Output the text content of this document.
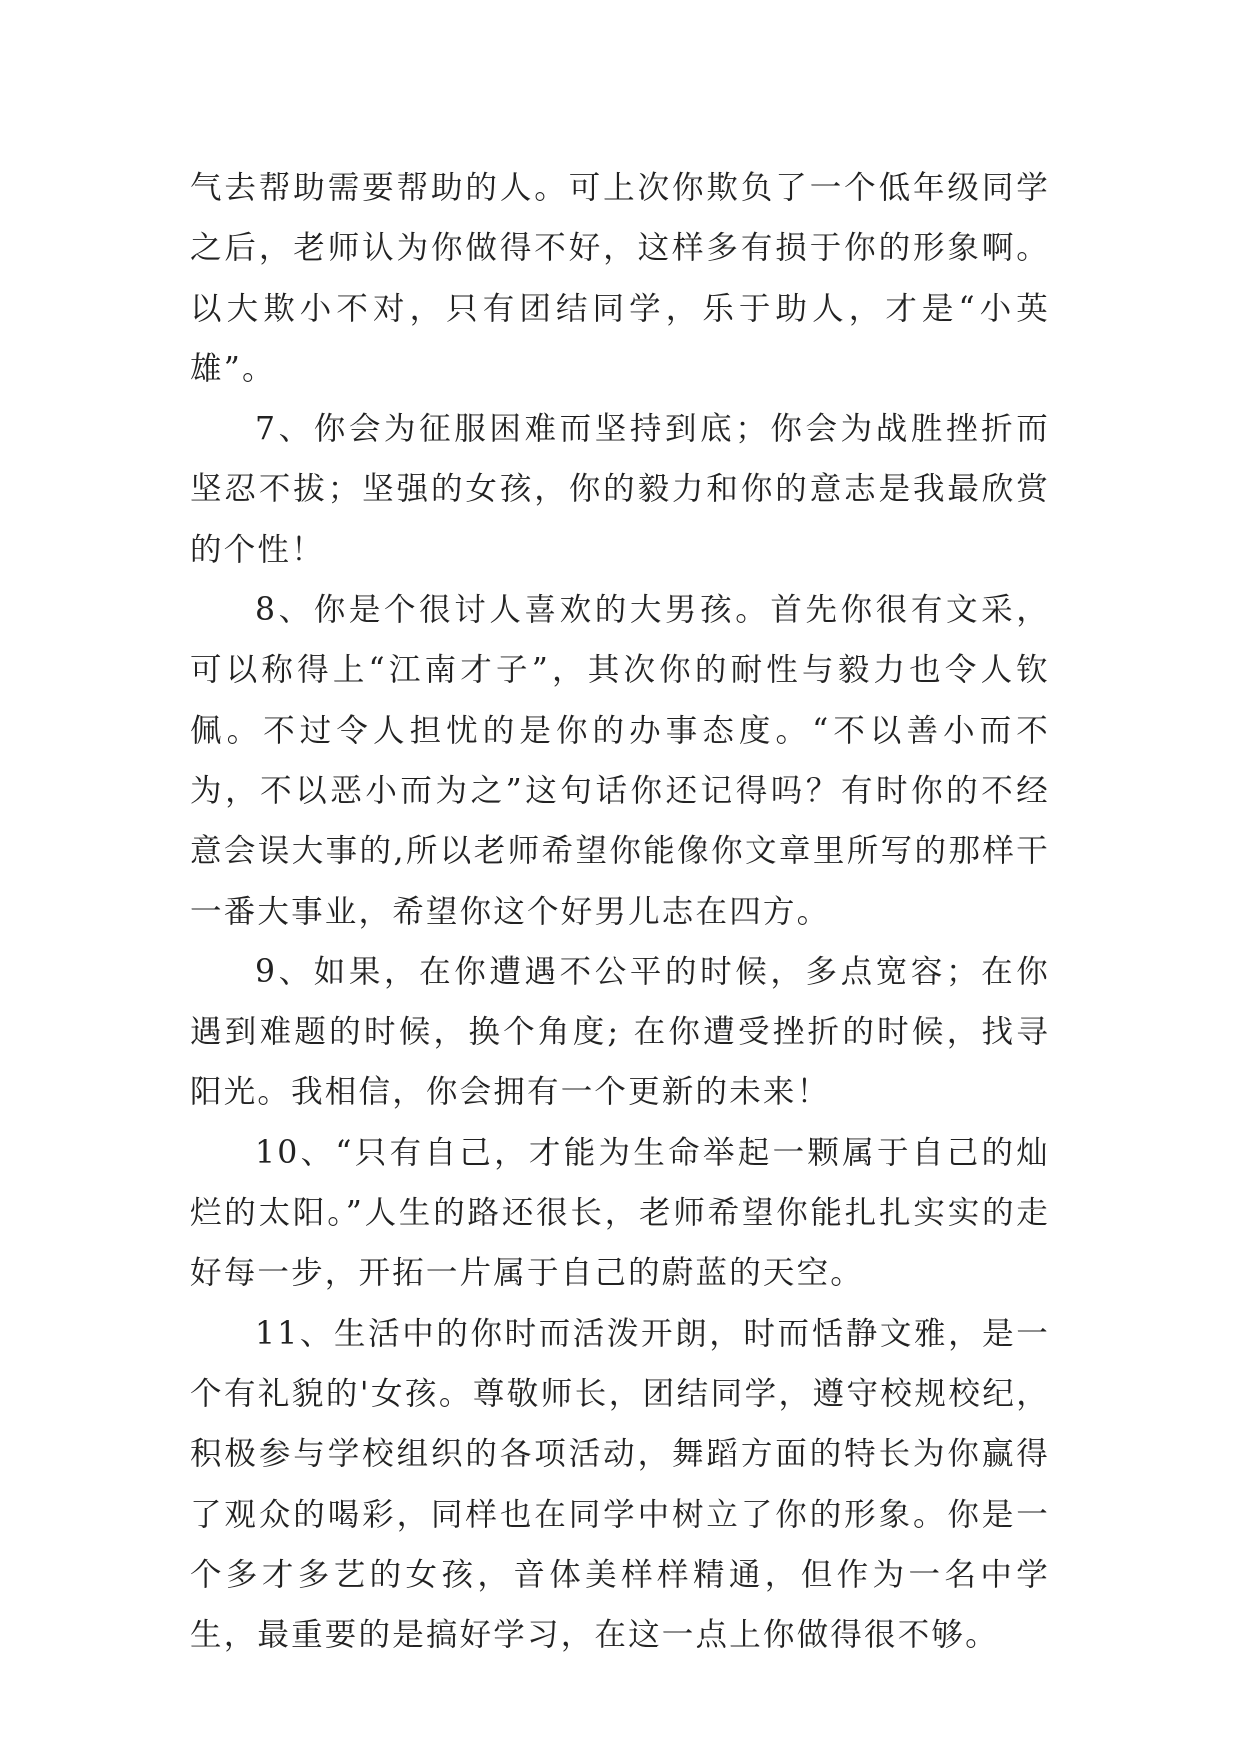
气去帮助需要帮助的人。可上次你欺负了一个低年级同学之后，老师认为你做得不好，这样多有损于你的形象啊。以大欺小不对，只有团结同学，乐于助人，才是“小英雄”。

7、你会为征服困难而坚持到底；你会为战胜挫折而坚忍不拔；坚强的女孩，你的毅力和你的意志是我最欣赏的个性！

8、你是个很讨人喜欢的大男孩。首先你很有文采，可以称得上“江南才子”，其次你的耐性与毅力也令人钦佩。不过令人担忧的是你的办事态度。“不以善小而不为，不以恶小而为之”这句话你还记得吗？有时你的不经意会误大事的,所以老师希望你能像你文章里所写的那样干一番大事业，希望你这个好男儿志在四方。

9、如果，在你遭遇不公平的时候，多点宽容；在你遇到难题的时候，换个角度; 在你遭受挫折的时候，找寻阳光。我相信，你会拥有一个更新的未来！

10、“只有自己，才能为生命举起一颗属于自己的灿烂的太阳。”人生的路还很长，老师希望你能扎扎实实的走好每一步，开拓一片属于自己的蔚蓝的天空。

11、生活中的你时而活泼开朗，时而恬静文雅，是一个有礼貌的'女孩。尊敬师长，团结同学，遵守校规校纪，积极参与学校组织的各项活动，舞蹈方面的特长为你赢得了观众的喝彩，同样也在同学中树立了你的形象。你是一个多才多艺的女孩，音体美样样精通，但作为一名中学生，最重要的是搞好学习，在这一点上你做得很不够。
